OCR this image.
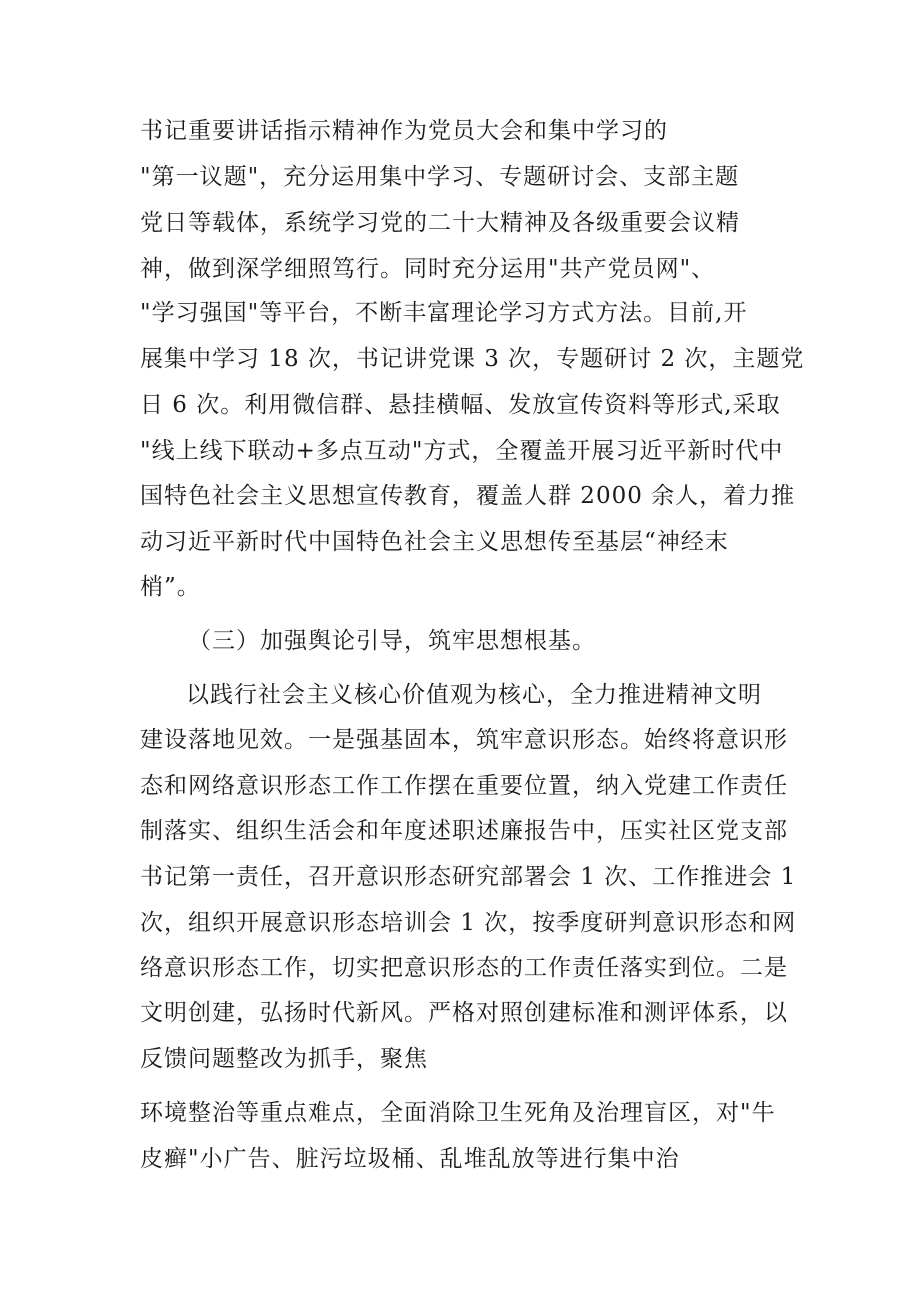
书记重要讲话指示精神作为党员大会和集中学习的
"第一议题"，充分运用集中学习、专题研讨会、支部主题
党日等载体，系统学习党的二十大精神及各级重要会议精
神，做到深学细照笃行。同时充分运用"共产党员网"、
"学习强国"等平台，不断丰富理论学习方式方法。目前,开
展集中学习 18 次，书记讲党课 3 次，专题研讨 2 次，主题党
日 6 次。利用微信群、悬挂横幅、发放宣传资料等形式,采取
"线上线下联动+多点互动"方式，全覆盖开展习近平新时代中
国特色社会主义思想宣传教育，覆盖人群 2000 余人，着力推
动习近平新时代中国特色社会主义思想传至基层“神经末
梢”。
（三）加强舆论引导，筑牢思想根基。
以践行社会主义核心价值观为核心，全力推进精神文明
建设落地见效。一是强基固本，筑牢意识形态。始终将意识形
态和网络意识形态工作工作摆在重要位置，纳入党建工作责任
制落实、组织生活会和年度述职述廉报告中，压实社区党支部
书记第一责任，召开意识形态研究部署会 1 次、工作推进会 1
次，组织开展意识形态培训会 1 次，按季度研判意识形态和网
络意识形态工作，切实把意识形态的工作责任落实到位。二是
文明创建，弘扬时代新风。严格对照创建标准和测评体系，以
反馈问题整改为抓手，聚焦
环境整治等重点难点，全面消除卫生死角及治理盲区，对"牛
皮癣"小广告、脏污垃圾桶、乱堆乱放等进行集中治
